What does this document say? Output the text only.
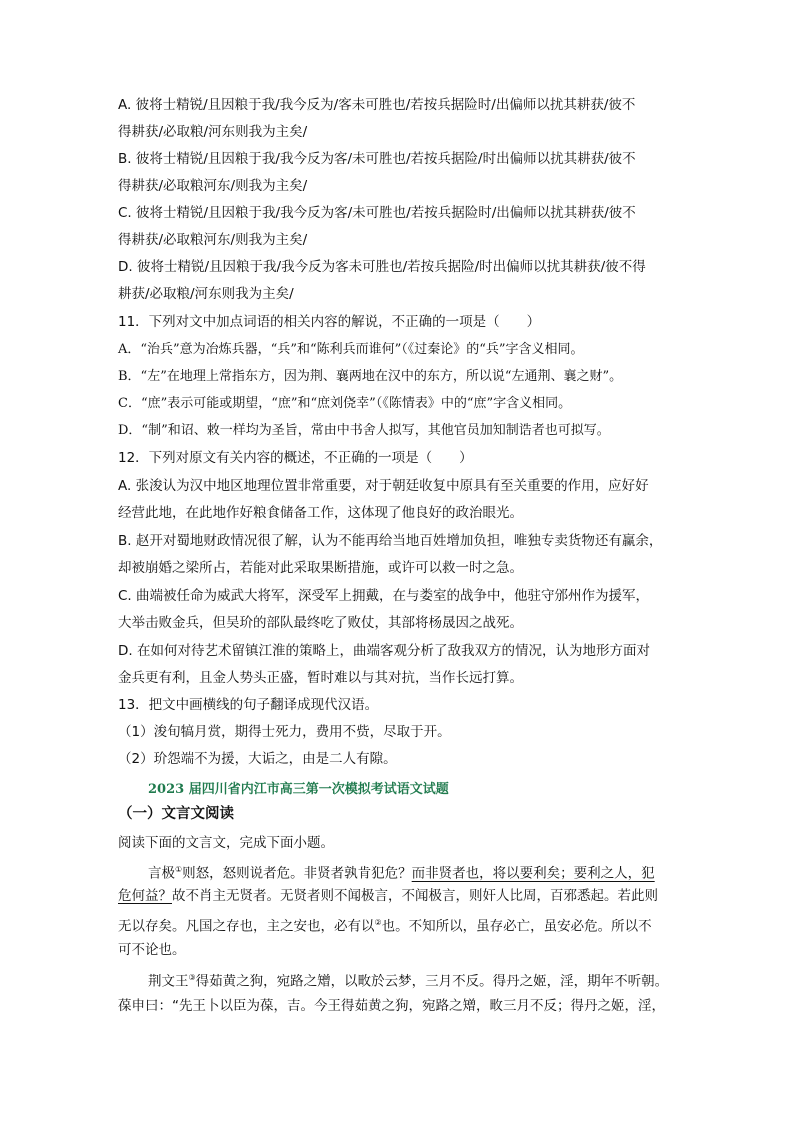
A. 彼将士精锐/且因粮于我/我今反为/客未可胜也/若按兵据险时/出偏师以扰其耕获/彼不
得耕获/必取粮/河东则我为主矣/
B. 彼将士精锐/且因粮于我/我今反为客/未可胜也/若按兵据险/时出偏师以扰其耕获/彼不
得耕获/必取粮河东/则我为主矣/
C. 彼将士精锐/且因粮于我/我今反为客/未可胜也/若按兵据险时/出偏师以扰其耕获/彼不
得耕获/必取粮河东/则我为主矣/
D. 彼将士精锐/且因粮于我/我今反为客未可胜也/若按兵据险/时出偏师以扰其耕获/彼不得
耕获/必取粮/河东则我为主矣/
11．下列对文中加点词语的相关内容的解说，不正确的一项是（　　）
A．“治兵”意为冶炼兵器，“兵”和“陈利兵而谁何”（《过秦论》的“兵”字含义相同。
B．“左”在地理上常指东方，因为荆、襄两地在汉中的东方，所以说“左通荆、襄之财”。
C．“庶”表示可能或期望，“庶”和“庶刘侥幸”（《陈情表》中的“庶”字含义相同。
D．“制”和诏、敕一样均为圣旨，常由中书舍人拟写，其他官员加知制诰者也可拟写。
12．下列对原文有关内容的概述，不正确的一项是（　　）
A. 张浚认为汉中地区地理位置非常重要，对于朝廷收复中原具有至关重要的作用，应好好
经营此地，在此地作好粮食储备工作，这体现了他良好的政治眼光。
B. 赵开对蜀地财政情况很了解，认为不能再给当地百姓增加负担，唯独专卖货物还有赢余，
却被崩婚之梁所占，若能对此采取果断措施，或许可以救一时之急。
C. 曲端被任命为威武大将军，深受军上拥戴，在与娄室的战争中，他驻守邠州作为援军，
大举击败金兵，但吴玠的部队最终吃了败仗，其部将杨晟因之战死。
D. 在如何对待艺术留镇江淮的策略上，曲端客观分析了敌我双方的情况，认为地形方面对
金兵更有利，且金人势头正盛，暂时难以与其对抗，当作长远打算。
13．把文中画横线的句子翻译成现代汉语。
（1）浚旬犒月赏，期得士死力，费用不赀，尽取于开。
（2）玠怨端不为援，大诟之，由是二人有隙。
2023 届四川省内江市高三第一次模拟考试语文试题
（一）文言文阅读
阅读下面的文言文，完成下面小题。
言极①则怒，怒则说者危。非贤者孰肯犯危？而非贤者也，将以要利矣；要利之人，犯
危何益？故不肖主无贤者。无贤者则不闻极言，不闻极言，则奸人比周，百邪悉起。若此则
无以存矣。凡国之存也，主之安也，必有以②也。不知所以，虽存必亡，虽安必危。所以不
可不论也。
荆文王③得茹黄之狗，宛路之矰，以畋於云梦，三月不反。得丹之姬，淫，期年不听朝。
葆申曰：“先王卜以臣为葆，吉。今王得茹黄之狗，宛路之矰，畋三月不反；得丹之姬，淫，
